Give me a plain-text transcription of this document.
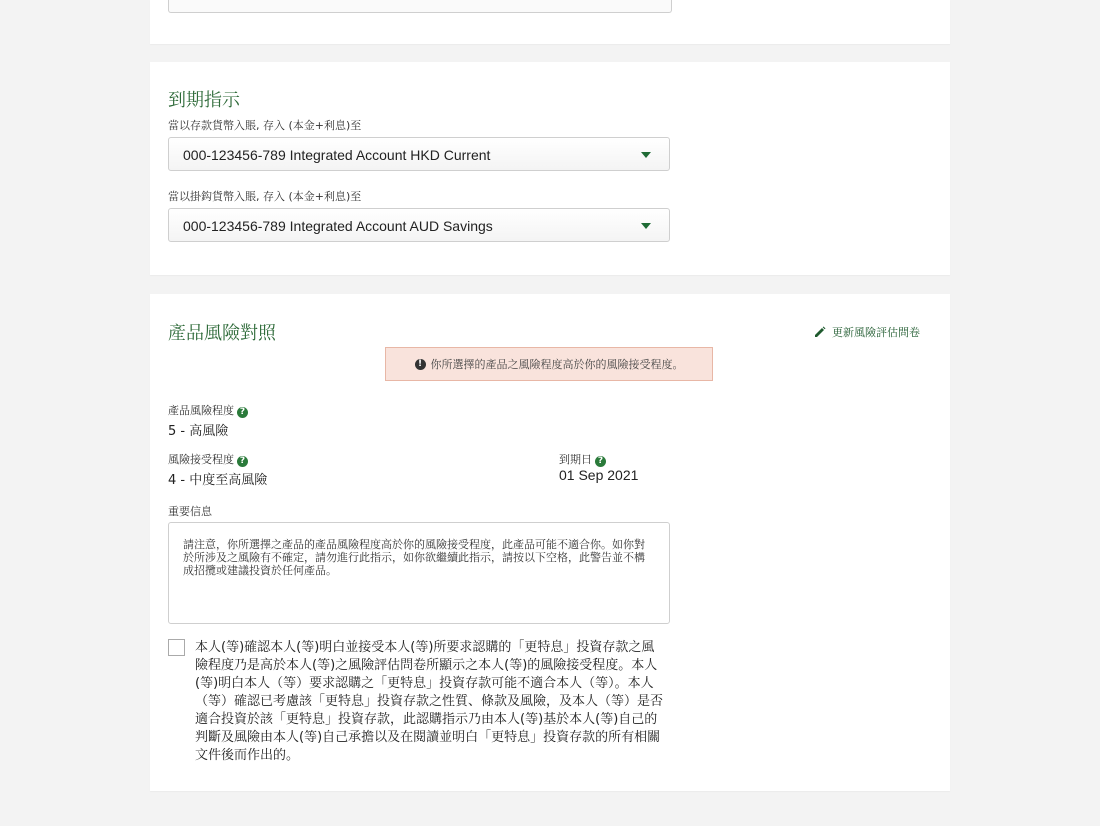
到期指示
當以存款貨幣入賬, 存入 (本金+利息)至
000-123456-789 Integrated Account HKD Current
當以掛鈎貨幣入賬, 存入 (本金+利息)至
000-123456-789 Integrated Account AUD Savings
產品風險對照	更新風險評估問卷
! 你所選擇的產品之風險程度高於你的風險接受程度。
產品風險程度 ?
5 - 高風險
風險接受程度 ?
4 - 中度至高風險
到期日 ?
01 Sep 2021
重要信息
請注意，你所選擇之產品的產品風險程度高於你的風險接受程度，此產品可能不適合你。如你對於所涉及之風險有不確定，請勿進行此指示，如你欲繼續此指示，請按以下空格，此警告並不構成招攬或建議投資於任何產品。
本人(等)確認本人(等)明白並接受本人(等)所要求認購的「更特息」投資存款之風險程度乃是高於本人(等)之風險評估問卷所顯示之本人(等)的風險接受程度。本人(等)明白本人（等）要求認購之「更特息」投資存款可能不適合本人（等）。本人（等）確認已考慮該「更特息」投資存款之性質、條款及風險，及本人（等）是否適合投資於該「更特息」投資存款，此認購指示乃由本人(等)基於本人(等)自己的判斷及風險由本人(等)自己承擔以及在閱讀並明白「更特息」投資存款的所有相關文件後而作出的。
